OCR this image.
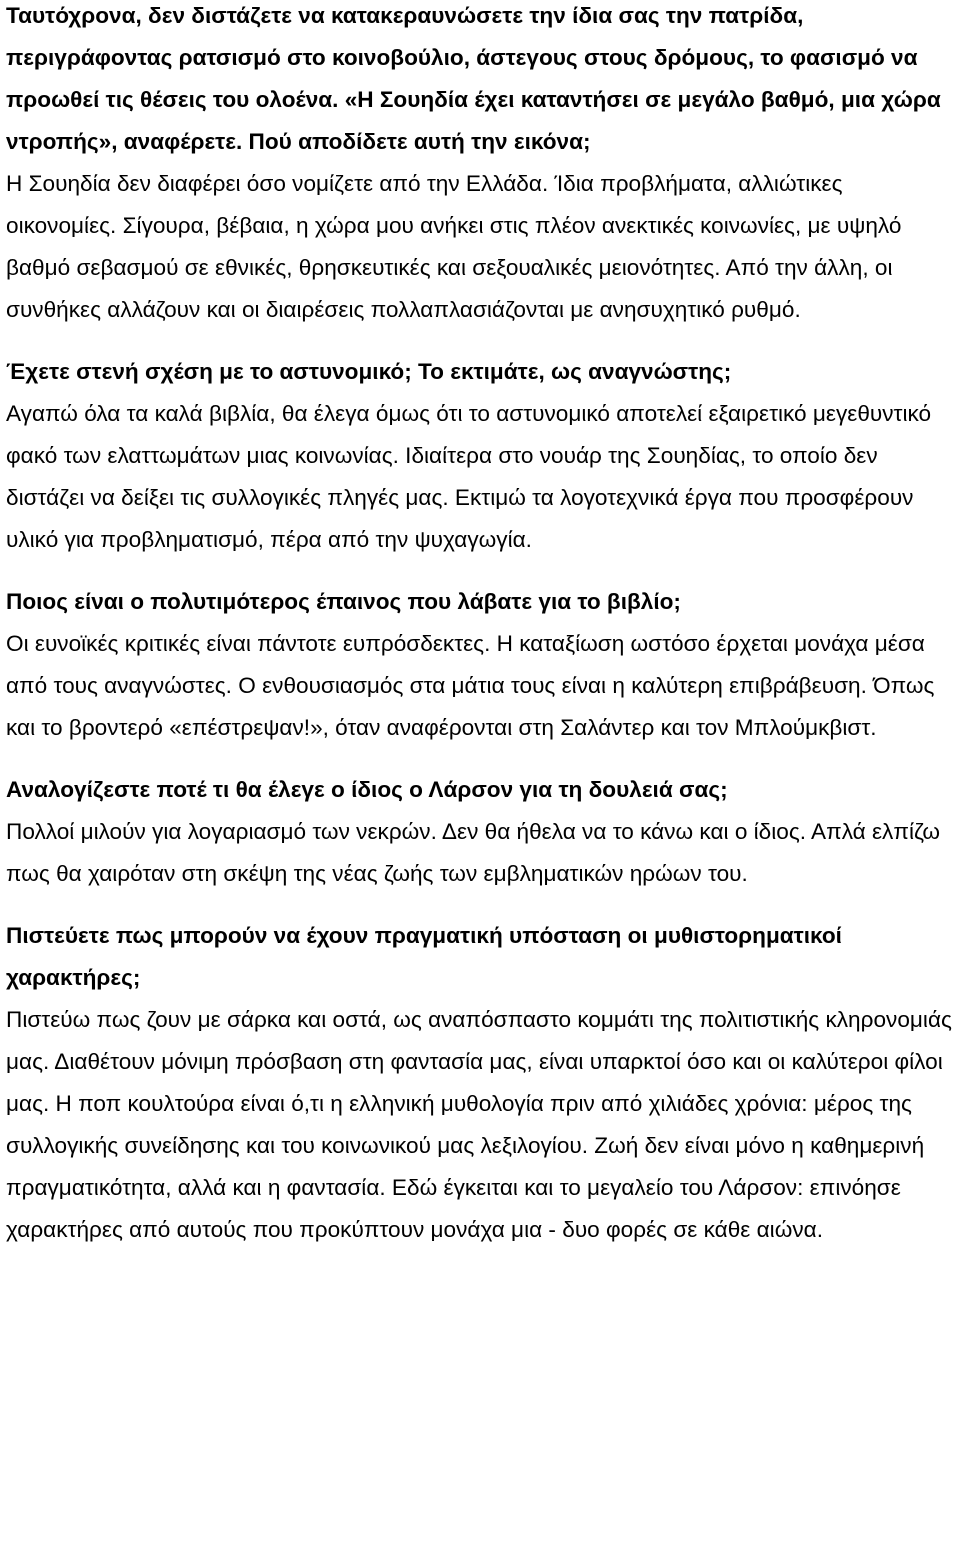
Ταυτόχρονα, δεν διστάζετε να κατακεραυνώσετε την ίδια σας την πατρίδα, περιγράφοντας ρατσισμό στο κοινοβούλιο, άστεγους στους δρόμους, το φασισμό να προωθεί τις θέσεις του ολοένα. «Η Σουηδία έχει καταντήσει σε μεγάλο βαθμό, μια χώρα ντροπής», αναφέρετε. Πού αποδίδετε αυτή την εικόνα;

Η Σουηδία δεν διαφέρει όσο νομίζετε από την Ελλάδα. Ίδια προβλήματα, αλλιώτικες οικονομίες. Σίγουρα, βέβαια, η χώρα μου ανήκει στις πλέον ανεκτικές κοινωνίες, με υψηλό βαθμό σεβασμού σε εθνικές, θρησκευτικές και σεξουαλικές μειονότητες. Από την άλλη, οι συνθήκες αλλάζουν και οι διαιρέσεις πολλαπλασιάζονται με ανησυχητικό ρυθμό.

Έχετε στενή σχέση με το αστυνομικό; Το εκτιμάτε, ως αναγνώστης;

Αγαπώ όλα τα καλά βιβλία, θα έλεγα όμως ότι το αστυνομικό αποτελεί εξαιρετικό μεγεθυντικό φακό των ελαττωμάτων μιας κοινωνίας. Ιδιαίτερα στο νουάρ της Σουηδίας, το οποίο δεν διστάζει να δείξει τις συλλογικές πληγές μας. Εκτιμώ τα λογοτεχνικά έργα που προσφέρουν υλικό για προβληματισμό, πέρα από την ψυχαγωγία.

Ποιος είναι ο πολυτιμότερος έπαινος που λάβατε για το βιβλίο;

Οι ευνοϊκές κριτικές είναι πάντοτε ευπρόσδεκτες. Η καταξίωση ωστόσο έρχεται μονάχα μέσα από τους αναγνώστες. Ο ενθουσιασμός στα μάτια τους είναι η καλύτερη επιβράβευση. Όπως και το βροντερό «επέστρεψαν!», όταν αναφέρονται στη Σαλάντερ και τον Μπλούμκβιστ.

Αναλογίζεστε ποτέ τι θα έλεγε ο ίδιος ο Λάρσον για τη δουλειά σας;

Πολλοί μιλούν για λογαριασμό των νεκρών. Δεν θα ήθελα να το κάνω και ο ίδιος. Απλά ελπίζω πως θα χαιρόταν στη σκέψη της νέας ζωής των εμβληματικών ηρώων του.

Πιστεύετε πως μπορούν να έχουν πραγματική υπόσταση οι μυθιστορηματικοί χαρακτήρες;

Πιστεύω πως ζουν με σάρκα και οστά, ως αναπόσπαστο κομμάτι της πολιτιστικής κληρονομιάς μας. Διαθέτουν μόνιμη πρόσβαση στη φαντασία μας, είναι υπαρκτοί όσο και οι καλύτεροι φίλοι μας. Η ποπ κουλτούρα είναι ό,τι η ελληνική μυθολογία πριν από χιλιάδες χρόνια: μέρος της συλλογικής συνείδησης και του κοινωνικού μας λεξιλογίου. Ζωή δεν είναι μόνο η καθημερινή πραγματικότητα, αλλά και η φαντασία. Εδώ έγκειται και το μεγαλείο του Λάρσον: επινόησε χαρακτήρες από αυτούς που προκύπτουν μονάχα μια - δυο φορές σε κάθε αιώνα.
